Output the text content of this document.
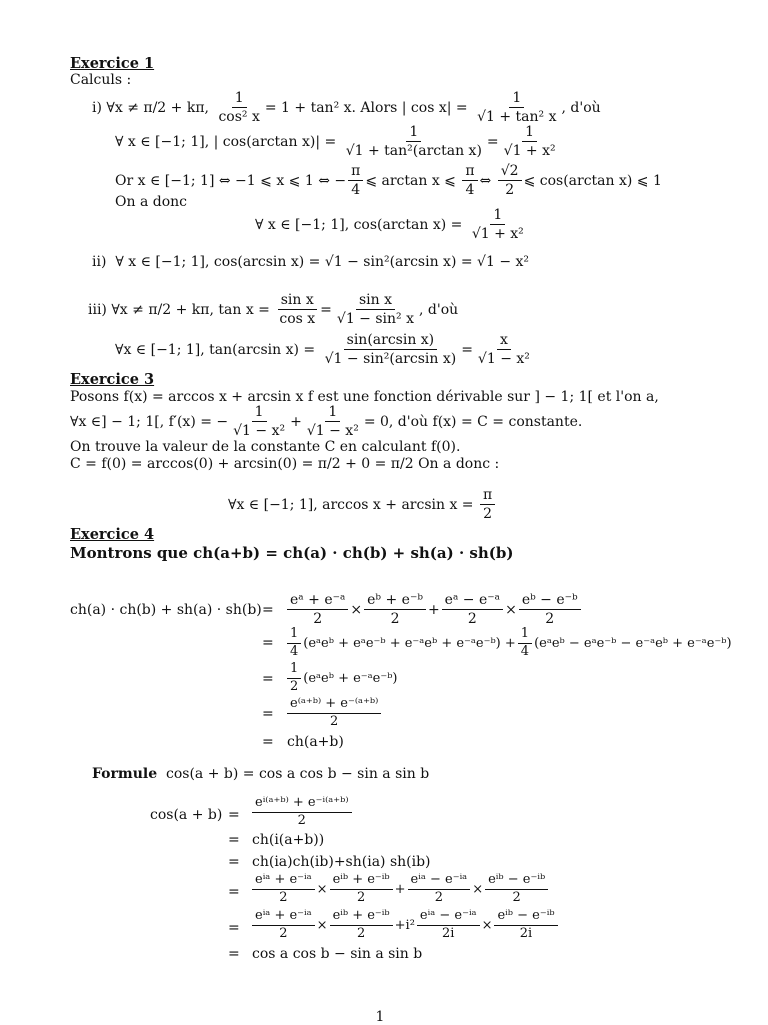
Exercice 1
Calculs :
i)
∀x ≠ π/2 + kπ,
$\frac{1}{\text{cos² x}} = 1 + \tan^2$ x. Alors | cos x| =
$\frac{1}{\text{√1 + tan² x}}$ , d'où
∀ x ∈ [−1; 1], | cos(arctan x)| =
$\frac{1}{\text{√1 + tan²(arctan x)}} = \frac{1}{\text{√1 + x²}}$
Or x ∈ [−1; 1] ⇔ −1 ⩽ x ⩽ 1 ⇔ − $\frac{\pi}{4}$ ⩽ arctan x ⩽
$\frac{\pi}{4}$ ⇔
$\frac{√2}{2}$ ⩽ cos(arctan x) ⩽ 1
On a donc
∀ x ∈ [−1; 1], cos(arctan x) =
$\frac{1}{\text{√1 + x²}}$
ii) ∀ x ∈ [−1; 1], cos(arcsin x) = √1 − sin²(arcsin x) = √1 − x²
iii)
∀x ≠ π/2 + kπ, tan x =
$\frac{\text{sin x}}{\text{cos x}} = \frac{\text{sin x}}{\text{√1 − sin² x}}$ , d'où
∀x ∈ [−1; 1], tan(arcsin x) =
$\frac{\text{sin(arcsin x)}}{\text{√1 − sin²(arcsin x)}} = \frac{x}{\text{√1 − x²}}$
Exercice 3
Posons f(x) = arccos x + arcsin x f est une fonction dérivable sur ] − 1; 1[ et l'on a,
∀x ∈] − 1; 1[, f′(x) = − $\frac{1}{\text{√1 − x²}} + \frac{1}{\text{√1 − x²}} = 0$, d'où f(x) = C = constante.
On trouve la valeur de la constante C en calculant f(0).
C = f(0) = arccos(0) + arcsin(0) = π/2 + 0 = π/2 On a donc :
∀x ∈ [−1; 1], arccos x + arcsin x =
$\frac{\pi}{2}$
Exercice 4
Montrons que ch(a+b) = ch(a) · ch(b) + sh(a) · sh(b)
$ch(a) \cdot ch(b) + sh(a) \cdot sh(b) = \frac{\text{eᵃ + e⁻ᵃ}}{2} \times \frac{\text{eᵇ + e⁻ᵇ}}{2} + \frac{\text{eᵃ − e⁻ᵃ}}{2} \times \frac{\text{eᵇ − e⁻ᵇ}}{2}$
= $\frac{1}{4}$ (eᵃeᵇ + eᵃe⁻ᵇ + e⁻ᵃeᵇ + e⁻ᵃe⁻ᵇ) + $\frac{1}{4}$ (eᵃeᵇ − eᵃe⁻ᵇ − e⁻ᵃeᵇ + e⁻ᵃe⁻ᵇ)
= $\frac{1}{2}$ (eᵃeᵇ + e⁻ᵃe⁻ᵇ)
= $\frac{\text{e⁽ᵃ⁺ᵇ⁾ + e⁻⁽ᵃ⁺ᵇ⁾}}{2}$
= ch(a+b)
Formule cos(a + b) = cos a cos b − sin a sin b
$\cos(a + b) = \frac{\text{eⁱ⁽ᵃ⁺ᵇ⁾ + e⁻ⁱ⁽ᵃ⁺ᵇ⁾}}{2}$
= ch(i(a+b))
= ch(ia)ch(ib)+sh(ia) sh(ib)
= $\frac{\text{eⁱᵃ + e⁻ⁱᵃ}}{2} \times \frac{\text{eⁱᵇ + e⁻ⁱᵇ}}{2} + \frac{\text{eⁱᵃ − e⁻ⁱᵃ}}{2} \times \frac{\text{eⁱᵇ − e⁻ⁱᵇ}}{2}$
= $\frac{\text{eⁱᵃ + e⁻ⁱᵃ}}{2} \times \frac{\text{eⁱᵇ + e⁻ⁱᵇ}}{2} + i^2 \frac{\text{eⁱᵃ − e⁻ⁱᵃ}}{2i} \times \frac{\text{eⁱᵇ − e⁻ⁱᵇ}}{2i}$
= cos a cos b − sin a sin b
1
